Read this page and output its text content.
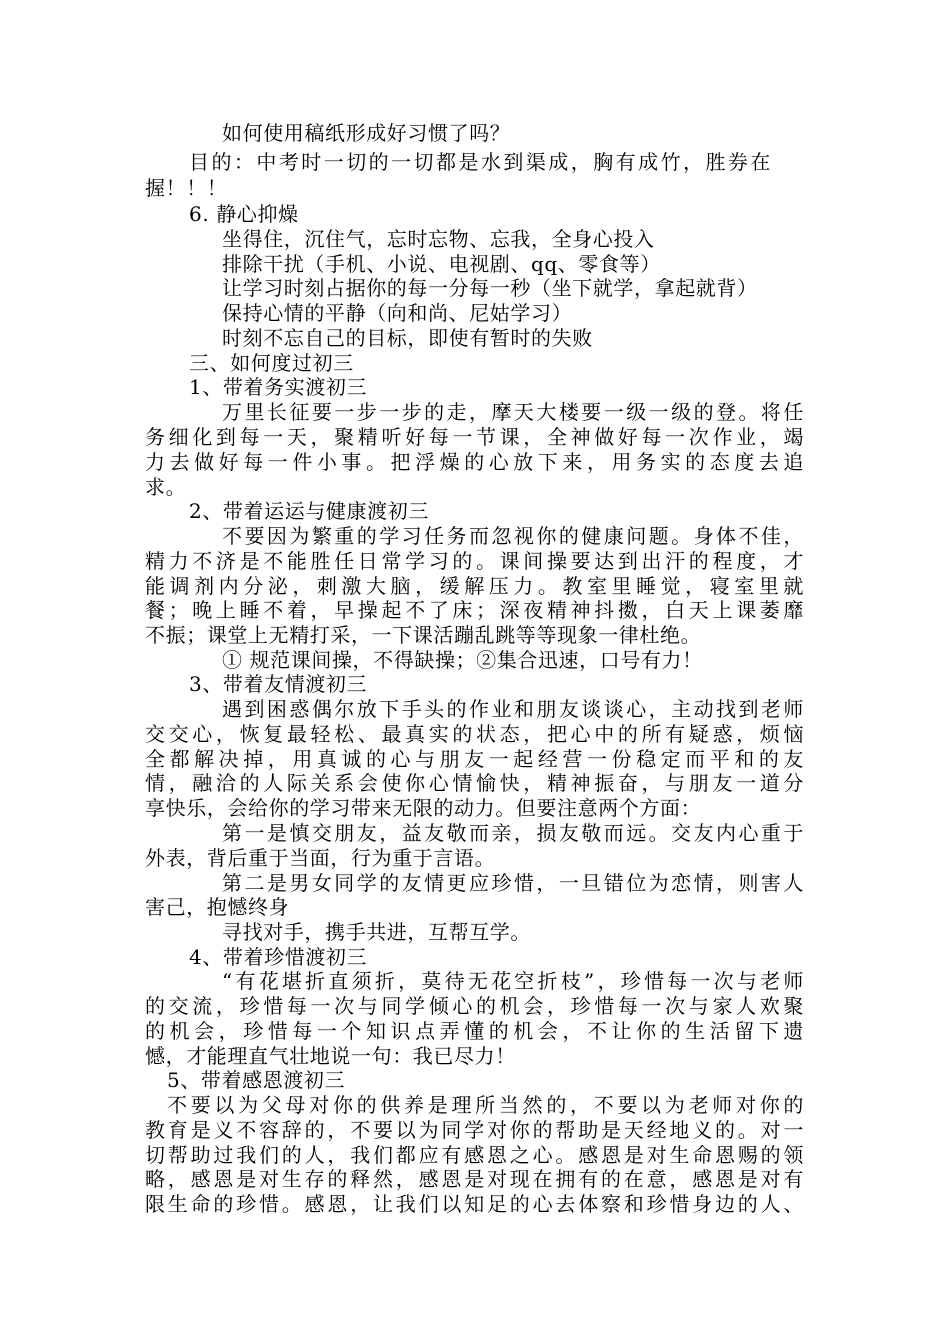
如何使用稿纸形成好习惯了吗？
目的：中考时一切的一切都是水到渠成，胸有成竹，胜券在
握！！！
6. 静心抑燥
坐得住，沉住气，忘时忘物、忘我，全身心投入
排除干扰（手机、小说、电视剧、qq、零食等）
让学习时刻占据你的每一分每一秒（坐下就学，拿起就背）
保持心情的平静（向和尚、尼姑学习）
时刻不忘自己的目标，即使有暂时的失败
三、如何度过初三
1、带着务实渡初三
万里长征要一步一步的走，摩天大楼要一级一级的登。将任
务细化到每一天，聚精听好每一节课，全神做好每一次作业，竭
力去做好每一件小事。把浮燥的心放下来，用务实的态度去追
求。
2、带着运运与健康渡初三
不要因为繁重的学习任务而忽视你的健康问题。身体不佳，
精力不济是不能胜任日常学习的。课间操要达到出汗的程度，才
能调剂内分泌，刺激大脑，缓解压力。教室里睡觉，寝室里就
餐；晚上睡不着，早操起不了床；深夜精神抖擞，白天上课萎靡
不振；课堂上无精打采，一下课活蹦乱跳等等现象一律杜绝。
① 规范课间操，不得缺操；②集合迅速，口号有力！
3、带着友情渡初三
遇到困惑偶尔放下手头的作业和朋友谈谈心，主动找到老师
交交心，恢复最轻松、最真实的状态，把心中的所有疑惑，烦恼
全都解决掉，用真诚的心与朋友一起经营一份稳定而平和的友
情，融洽的人际关系会使你心情愉快，精神振奋，与朋友一道分
享快乐，会给你的学习带来无限的动力。但要注意两个方面：
第一是慎交朋友，益友敬而亲，损友敬而远。交友内心重于
外表，背后重于当面，行为重于言语。
第二是男女同学的友情更应珍惜，一旦错位为恋情，则害人
害己，抱憾终身
寻找对手，携手共进，互帮互学。
4、带着珍惜渡初三
“有花堪折直须折，莫待无花空折枝”，珍惜每一次与老师
的交流，珍惜每一次与同学倾心的机会，珍惜每一次与家人欢聚
的机会，珍惜每一个知识点弄懂的机会，不让你的生活留下遗
憾，才能理直气壮地说一句：我已尽力！
5、带着感恩渡初三
不要以为父母对你的供养是理所当然的，不要以为老师对你的
教育是义不容辞的，不要以为同学对你的帮助是天经地义的。对一
切帮助过我们的人，我们都应有感恩之心。感恩是对生命恩赐的领
略，感恩是对生存的释然，感恩是对现在拥有的在意，感恩是对有
限生命的珍惜。感恩，让我们以知足的心去体察和珍惜身边的人、
